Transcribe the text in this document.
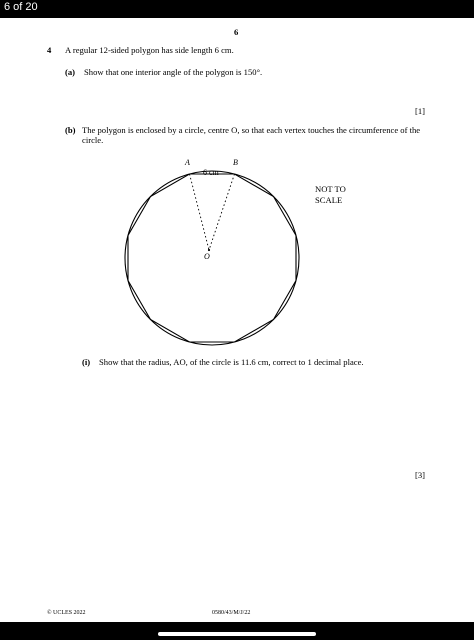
6 of 20
6
4 A regular 12-sided polygon has side length 6 cm.
(a) Show that one interior angle of the polygon is 150°.
[1]
(b) The polygon is enclosed by a circle, centre O, so that each vertex touches the circumference of the
circle.
A	B
6 cm
O
NOT TO
SCALE
(i) Show that the radius, AO, of the circle is 11.6 cm, correct to 1 decimal place.
[3]
© UCLES 2022	0580/43/M/J/22
